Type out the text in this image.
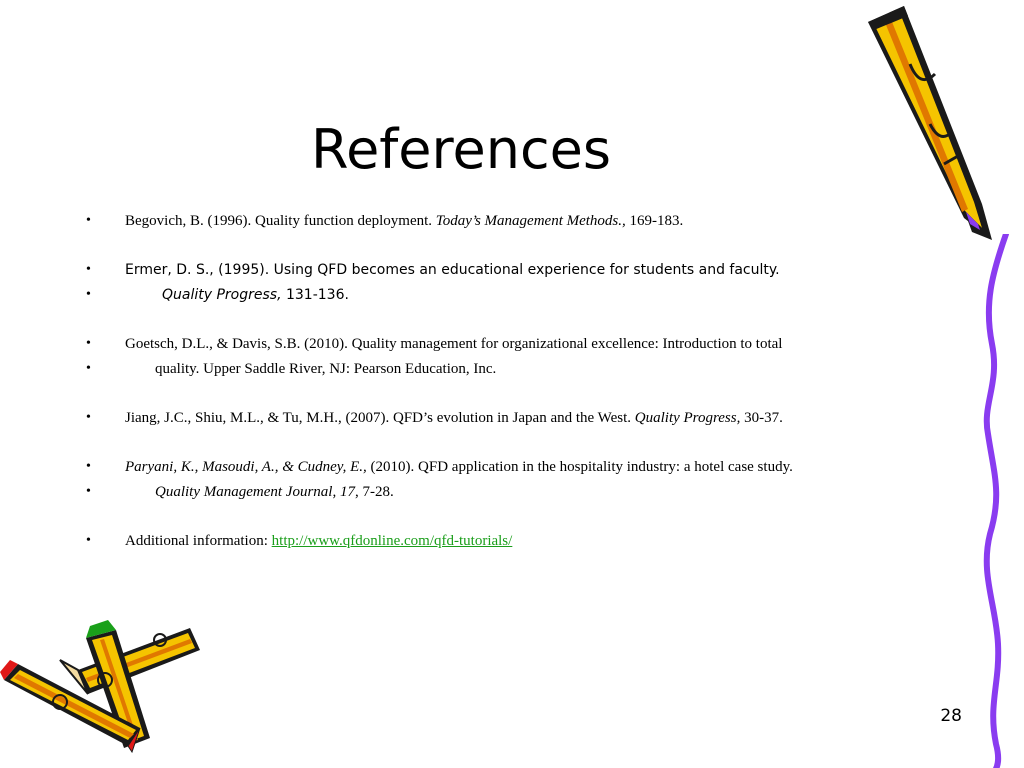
References
• Begovich, B. (1996). Quality function deployment. Today’s Management Methods., 169-183.
• Ermer, D. S., (1995). Using QFD becomes an educational experience for students and faculty.
•	Quality Progress, 131-136.
• Goetsch, D.L., & Davis, S.B. (2010). Quality management for organizational excellence: Introduction to total
•	quality. Upper Saddle River, NJ: Pearson Education, Inc.
• Jiang, J.C., Shiu, M.L., & Tu, M.H., (2007). QFD’s evolution in Japan and the West. Quality Progress, 30-37.
• Paryani, K., Masoudi, A., & Cudney, E., (2010). QFD application in the hospitality industry: a hotel case study.
•	Quality Management Journal, 17, 7-28.
• Additional information: http://www.qfdonline.com/qfd-tutorials/
28
